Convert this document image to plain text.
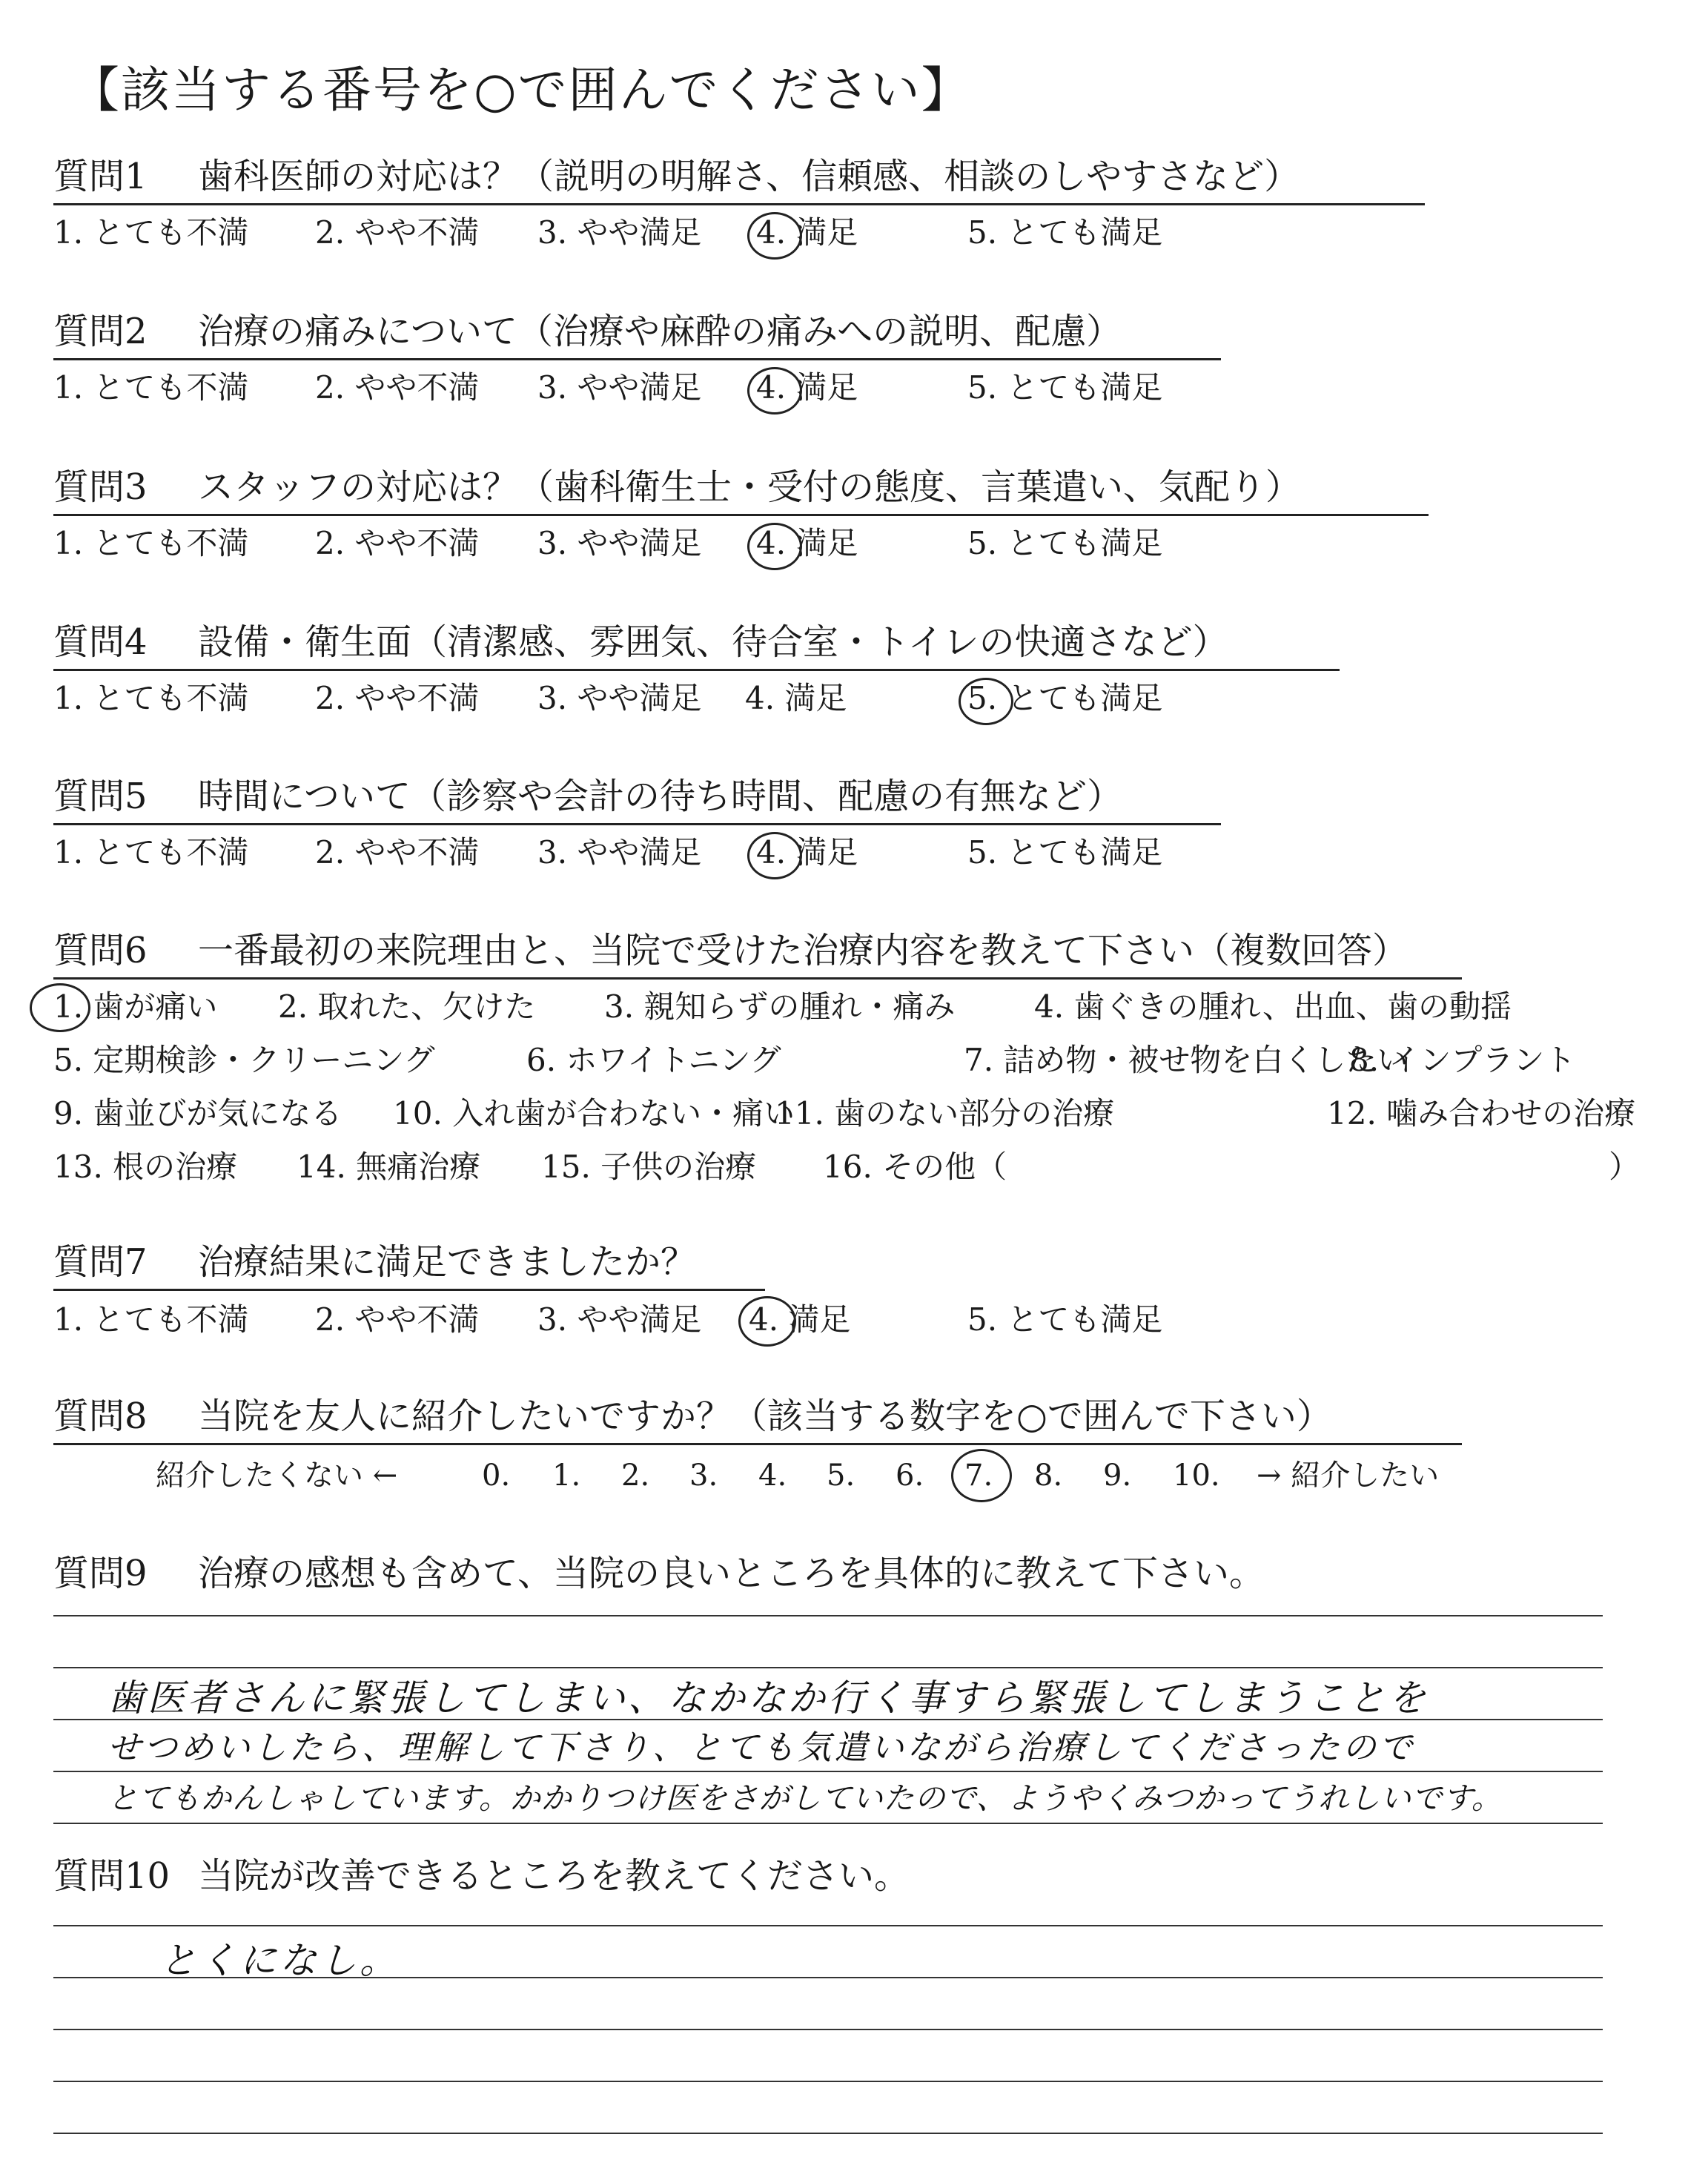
【該当する番号を○で囲んでください】
質問1 歯科医師の対応は？（説明の明解さ、信頼感、相談のしやすさなど）
1. とても不満 2. やや不満 3. やや満足 4. 満足	5. とても満足
質問2 治療の痛みについて（治療や麻酔の痛みへの説明、配慮）
1. とても不満 2. やや不満 3. やや満足 4. 満足	5. とても満足
質問3 スタッフの対応は？（歯科衛生士・受付の態度、言葉遣い、気配り）
1. とても不満 2. やや不満 3. やや満足 4. 満足	5. とても満足
質問4 設備・衛生面（清潔感、雰囲気、待合室・トイレの快適さなど）
1. とても不満 2. やや不満 3. やや満足 4. 満足	5. とても満足
質問5 時間について（診察や会計の待ち時間、配慮の有無など）
1. とても不満 2. やや不満 3. やや満足 4. 満足	5. とても満足
質問6 一番最初の来院理由と、当院で受けた治療内容を教えて下さい（複数回答）
1. 歯が痛い 2. 取れた、欠けた 3. 親知らずの腫れ・痛み	4. 歯ぐきの腫れ、出血、歯の動揺
5. 定期検診・クリーニング	6. ホワイトニング	7. 詰め物・被せ物を白くしたい
8. インプラント
9. 歯並びが気になる 10. 入れ歯が合わない・痛い
11. 歯のない部分の治療	12. 噛み合わせの治療
13. 根の治療 14. 無痛治療 15. 子供の治療 16. その他（	）
質問7 治療結果に満足できましたか？
1. とても不満 2. やや不満 3. やや満足 4. 満足	5. とても満足
質問8 当院を友人に紹介したいですか？（該当する数字を○で囲んで下さい）
紹介したくない ←	0. 1. 2. 3. 4. 5. 6. 7. 8. 9. 10. → 紹介したい
質問9 治療の感想も含めて、当院の良いところを具体的に教えて下さい。
歯医者さんに緊張してしまい、なかなか行く事すら緊張してしまうことを
せつめいしたら、理解して下さり、とても気遣いながら治療してくださったので
とてもかんしゃしています。かかりつけ医をさがしていたので、ようやくみつかってうれしいです。
質問10 当院が改善できるところを教えてください。
とくになし。
